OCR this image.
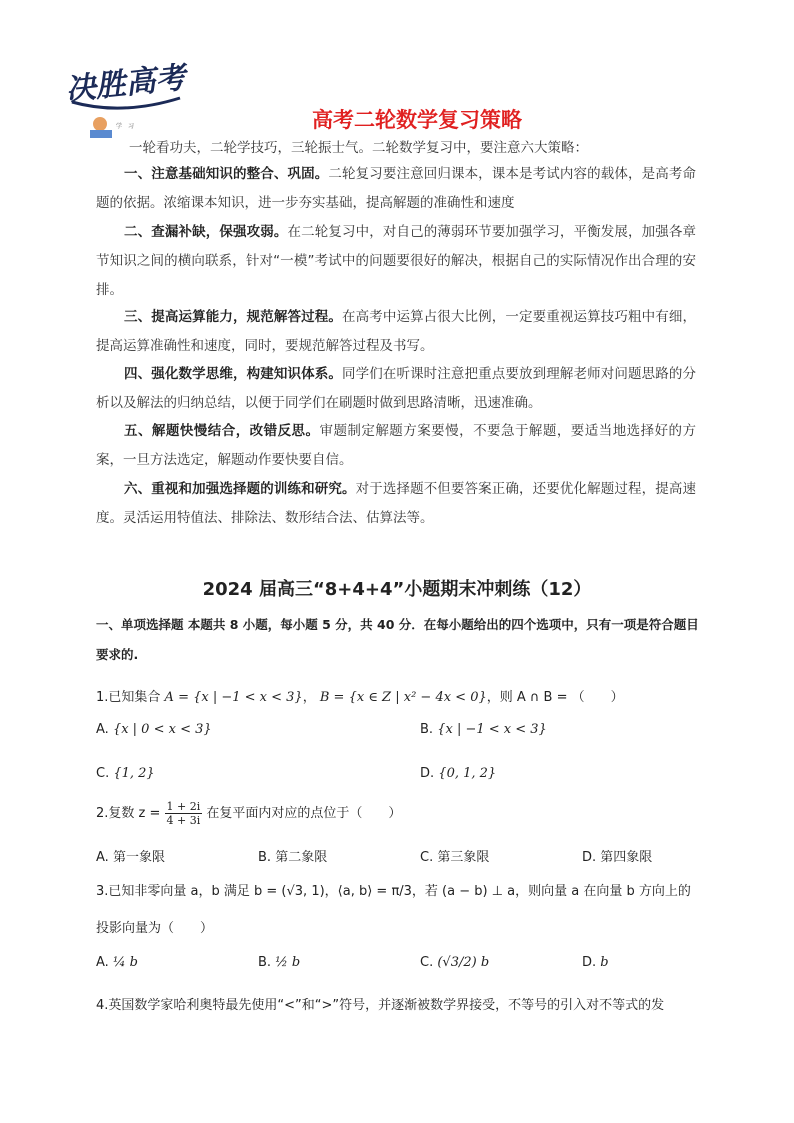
决胜高考
学　习	高考二轮数学复习策略
一轮看功夫，二轮学技巧，三轮振士气。二轮数学复习中，要注意六大策略：
一、注意基础知识的整合、巩固。二轮复习要注意回归课本，课本是考试内容的载体，是高考命题的依据。浓缩课本知识，进一步夯实基础，提高解题的准确性和速度
二、查漏补缺，保强攻弱。在二轮复习中，对自己的薄弱环节要加强学习，平衡发展，加强各章节知识之间的横向联系，针对“一模”考试中的问题要很好的解决，根据自己的实际情况作出合理的安排。
三、提高运算能力，规范解答过程。在高考中运算占很大比例，一定要重视运算技巧粗中有细，提高运算准确性和速度，同时，要规范解答过程及书写。
四、强化数学思维，构建知识体系。同学们在听课时注意把重点要放到理解老师对问题思路的分析以及解法的归纳总结，以便于同学们在刷题时做到思路清晰，迅速准确。
五、解题快慢结合，改错反思。审题制定解题方案要慢，不要急于解题，要适当地选择好的方案，一旦方法选定，解题动作要快要自信。
六、重视和加强选择题的训练和研究。对于选择题不但要答案正确，还要优化解题过程，提高速度。灵活运用特值法、排除法、数形结合法、估算法等。
2024 届高三“8+4+4”小题期末冲刺练（12）
一、单项选择题 本题共 8 小题，每小题 5 分，共 40 分．在每小题给出的四个选项中，只有一项是符合题目要求的.
1.已知集合 A = {x | −1 < x < 3}， B = {x ∈ Z | x² − 4x < 0}，则 A ∩ B = （　　）
A. {x | 0 < x < 3}	B. {x | −1 < x < 3}
C. {1, 2}	D. {0, 1, 2}
2.复数 $z = \frac{1 + 2i}{4 + 3i}$ 在复平面内对应的点位于（　　）
A. 第一象限	B. 第二象限	C. 第三象限	D. 第四象限
3.已知非零向量 a，b 满足 b = (√3, 1)，⟨a, b⟩ = π/3，若 (a − b) ⊥ a，则向量 a 在向量 b 方向上的
投影向量为（　　）
A. ¼ b	B. ½ b	C. (√3/2) b	D. b
4.英国数学家哈利奥特最先使用“<”和“>”符号，并逐渐被数学界接受，不等号的引入对不等式的发
